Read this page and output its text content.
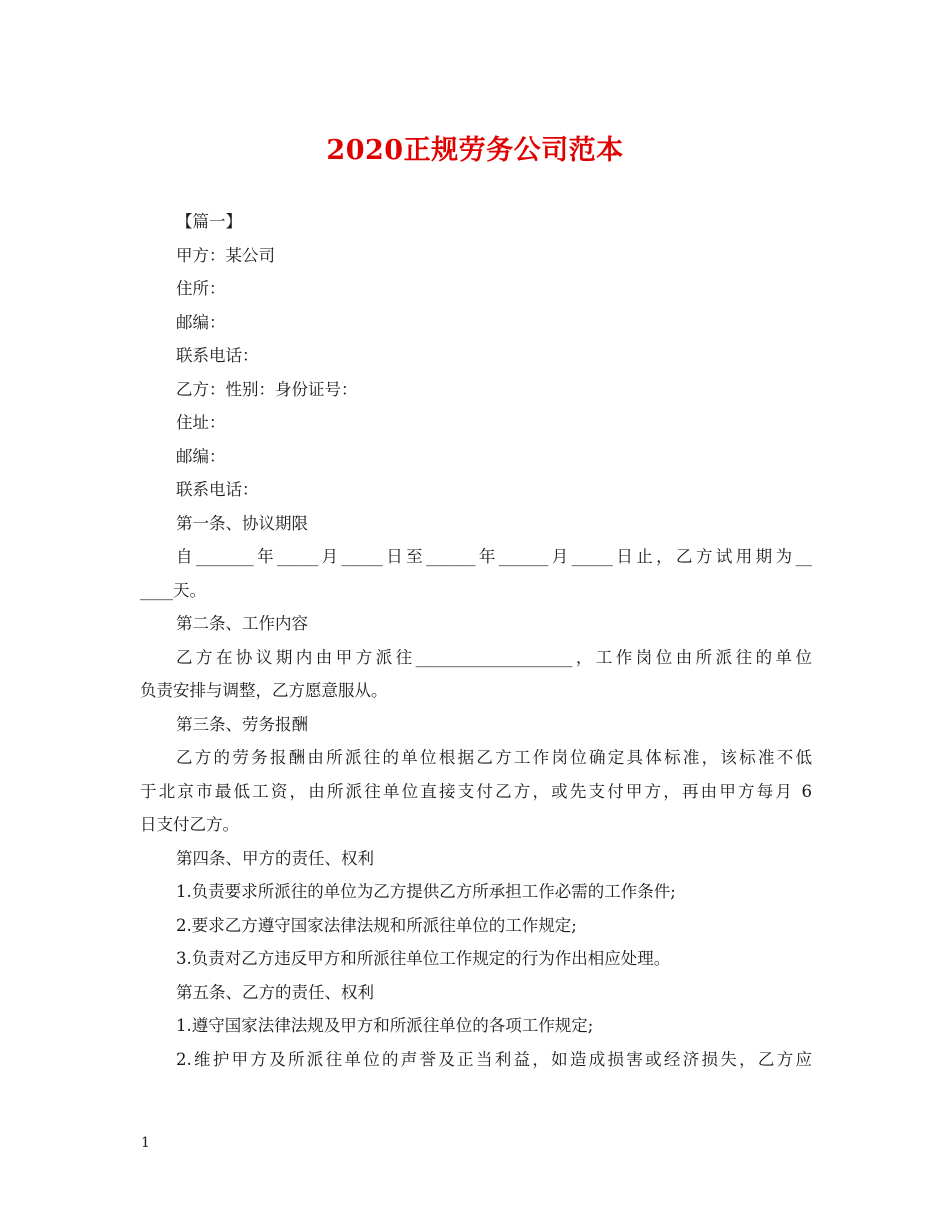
2020正规劳务公司范本
【篇一】
甲方：某公司
住所：
邮编：
联系电话：
乙方：性别：身份证号：
住址：
邮编：
联系电话：
第一条、协议期限
自_______年_____月_____日至______年______月_____日止，乙方试用期为__
____天。
第二条、工作内容
乙方在协议期内由甲方派往___________________，工作岗位由所派往的单位
负责安排与调整，乙方愿意服从。
第三条、劳务报酬
乙方的劳务报酬由所派往的单位根据乙方工作岗位确定具体标准，该标准不低
于北京市最低工资，由所派往单位直接支付乙方，或先支付甲方，再由甲方每月 6
日支付乙方。
第四条、甲方的责任、权利
1.负责要求所派往的单位为乙方提供乙方所承担工作必需的工作条件;
2.要求乙方遵守国家法律法规和所派往单位的工作规定;
3.负责对乙方违反甲方和所派往单位工作规定的行为作出相应处理。
第五条、乙方的责任、权利
1.遵守国家法律法规及甲方和所派往单位的各项工作规定;
2.维护甲方及所派往单位的声誉及正当利益，如造成损害或经济损失，乙方应
1
